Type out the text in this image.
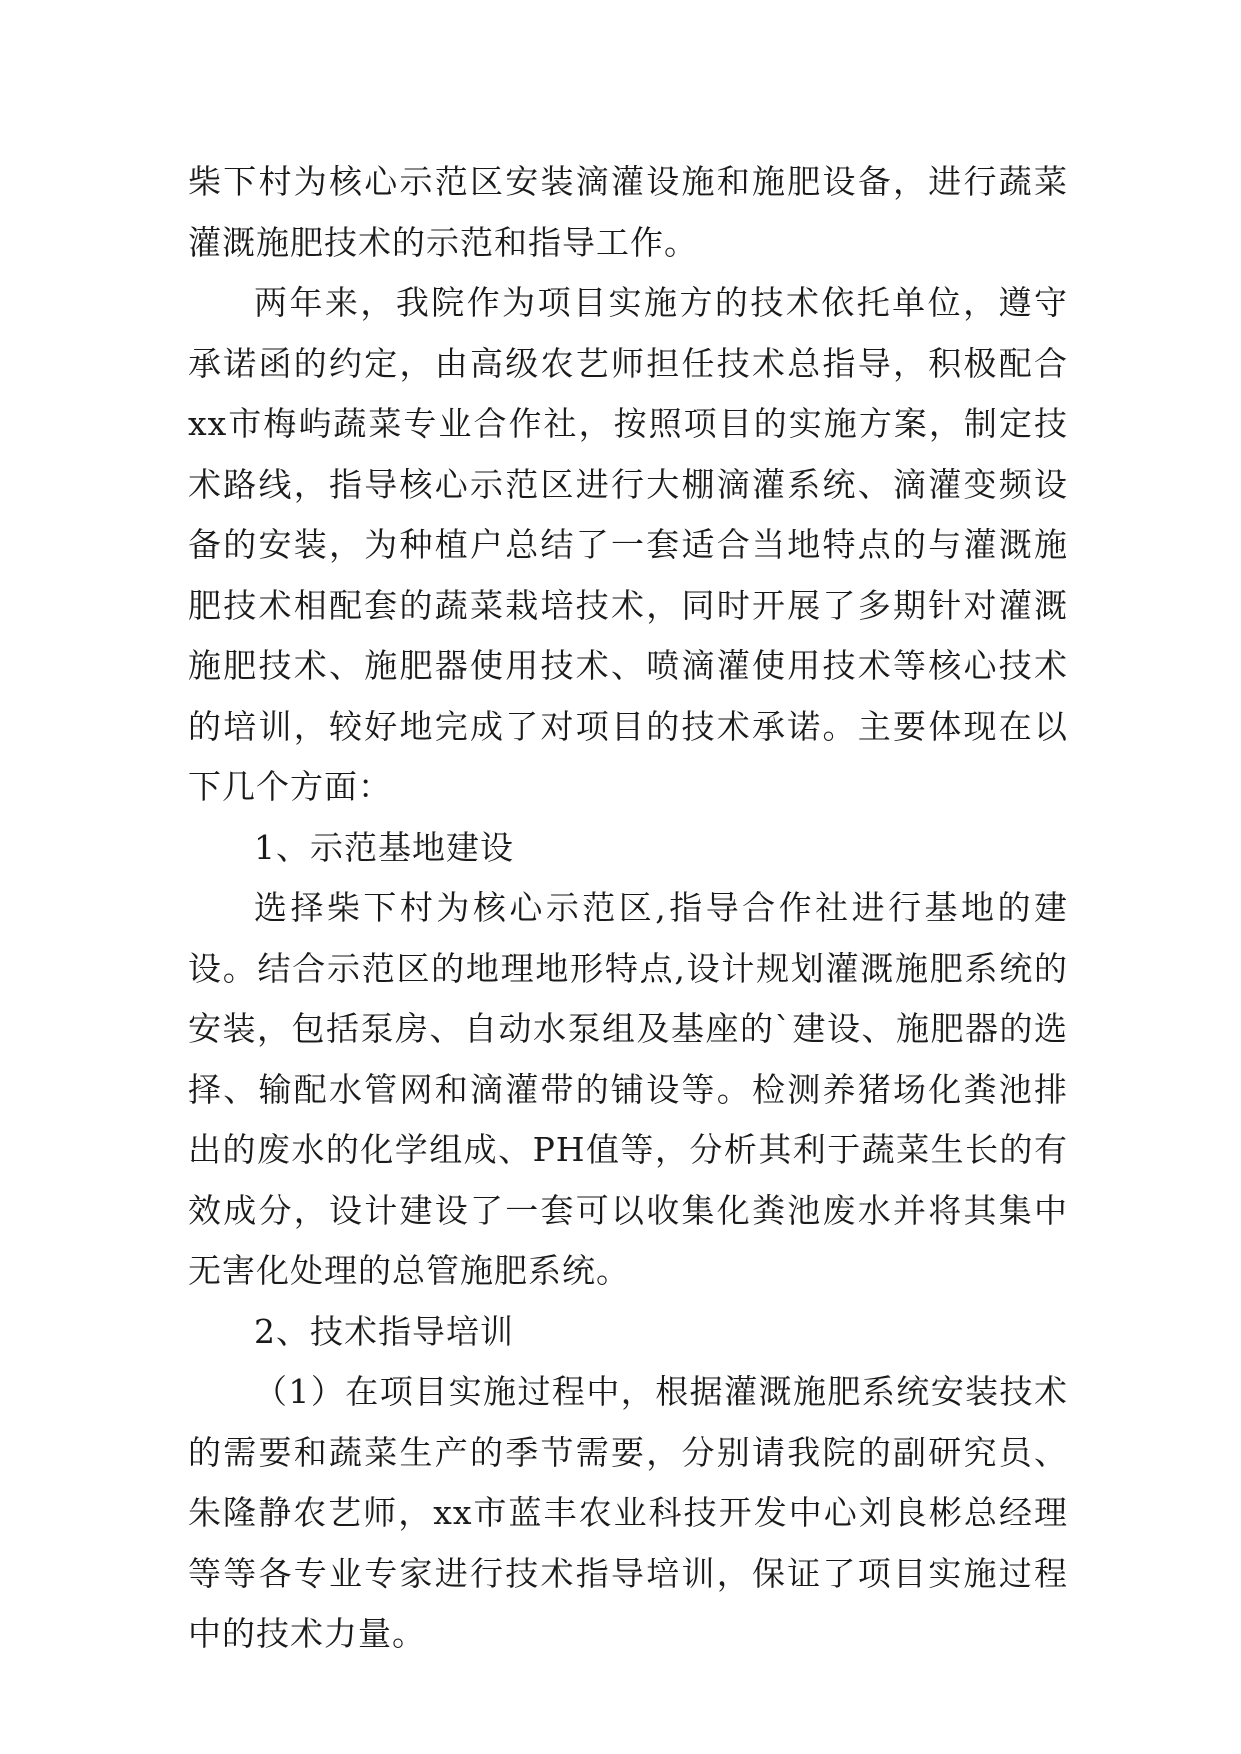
柴下村为核心示范区安装滴灌设施和施肥设备，进行蔬菜灌溉施肥技术的示范和指导工作。

两年来，我院作为项目实施方的技术依托单位，遵守承诺函的约定，由高级农艺师担任技术总指导，积极配合xx市梅屿蔬菜专业合作社，按照项目的实施方案，制定技术路线，指导核心示范区进行大棚滴灌系统、滴灌变频设备的安装，为种植户总结了一套适合当地特点的与灌溉施肥技术相配套的蔬菜栽培技术，同时开展了多期针对灌溉施肥技术、施肥器使用技术、喷滴灌使用技术等核心技术的培训，较好地完成了对项目的技术承诺。主要体现在以下几个方面：

1、示范基地建设

选择柴下村为核心示范区,指导合作社进行基地的建设。结合示范区的地理地形特点,设计规划灌溉施肥系统的安装，包括泵房、自动水泵组及基座的`建设、施肥器的选择、输配水管网和滴灌带的铺设等。检测养猪场化粪池排出的废水的化学组成、PH值等，分析其利于蔬菜生长的有效成分，设计建设了一套可以收集化粪池废水并将其集中无害化处理的总管施肥系统。

2、技术指导培训

（1）在项目实施过程中，根据灌溉施肥系统安装技术的需要和蔬菜生产的季节需要，分别请我院的副研究员、朱隆静农艺师，xx市蓝丰农业科技开发中心刘良彬总经理等等各专业专家进行技术指导培训，保证了项目实施过程中的技术力量。
